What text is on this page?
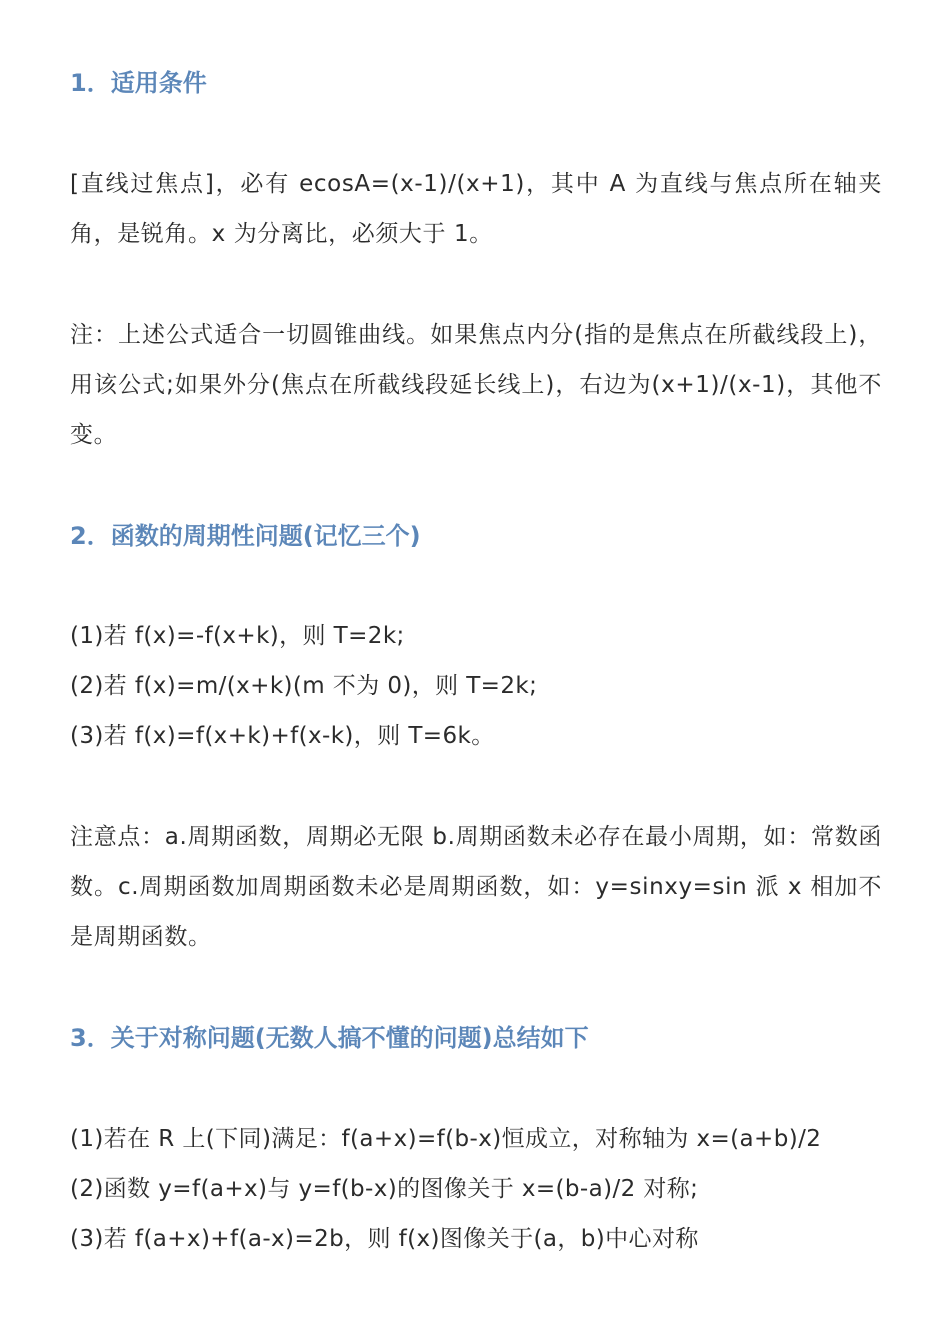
1．适用条件
[直线过焦点]，必有 ecosA=(x-1)/(x+1)，其中 A 为直线与焦点所在轴夹角，是锐角。x 为分离比，必须大于 1。
注：上述公式适合一切圆锥曲线。如果焦点内分(指的是焦点在所截线段上)，用该公式;如果外分(焦点在所截线段延长线上)，右边为(x+1)/(x-1)，其他不变。
2．函数的周期性问题(记忆三个)
(1)若 f(x)=-f(x+k)，则 T=2k;
(2)若 f(x)=m/(x+k)(m 不为 0)，则 T=2k;
(3)若 f(x)=f(x+k)+f(x-k)，则 T=6k。
注意点：a.周期函数，周期必无限 b.周期函数未必存在最小周期，如：常数函数。c.周期函数加周期函数未必是周期函数，如：y=sinxy=sin 派 x 相加不是周期函数。
3．关于对称问题(无数人搞不懂的问题)总结如下
(1)若在 R 上(下同)满足：f(a+x)=f(b-x)恒成立，对称轴为 x=(a+b)/2
(2)函数 y=f(a+x)与 y=f(b-x)的图像关于 x=(b-a)/2 对称;
(3)若 f(a+x)+f(a-x)=2b，则 f(x)图像关于(a，b)中心对称
